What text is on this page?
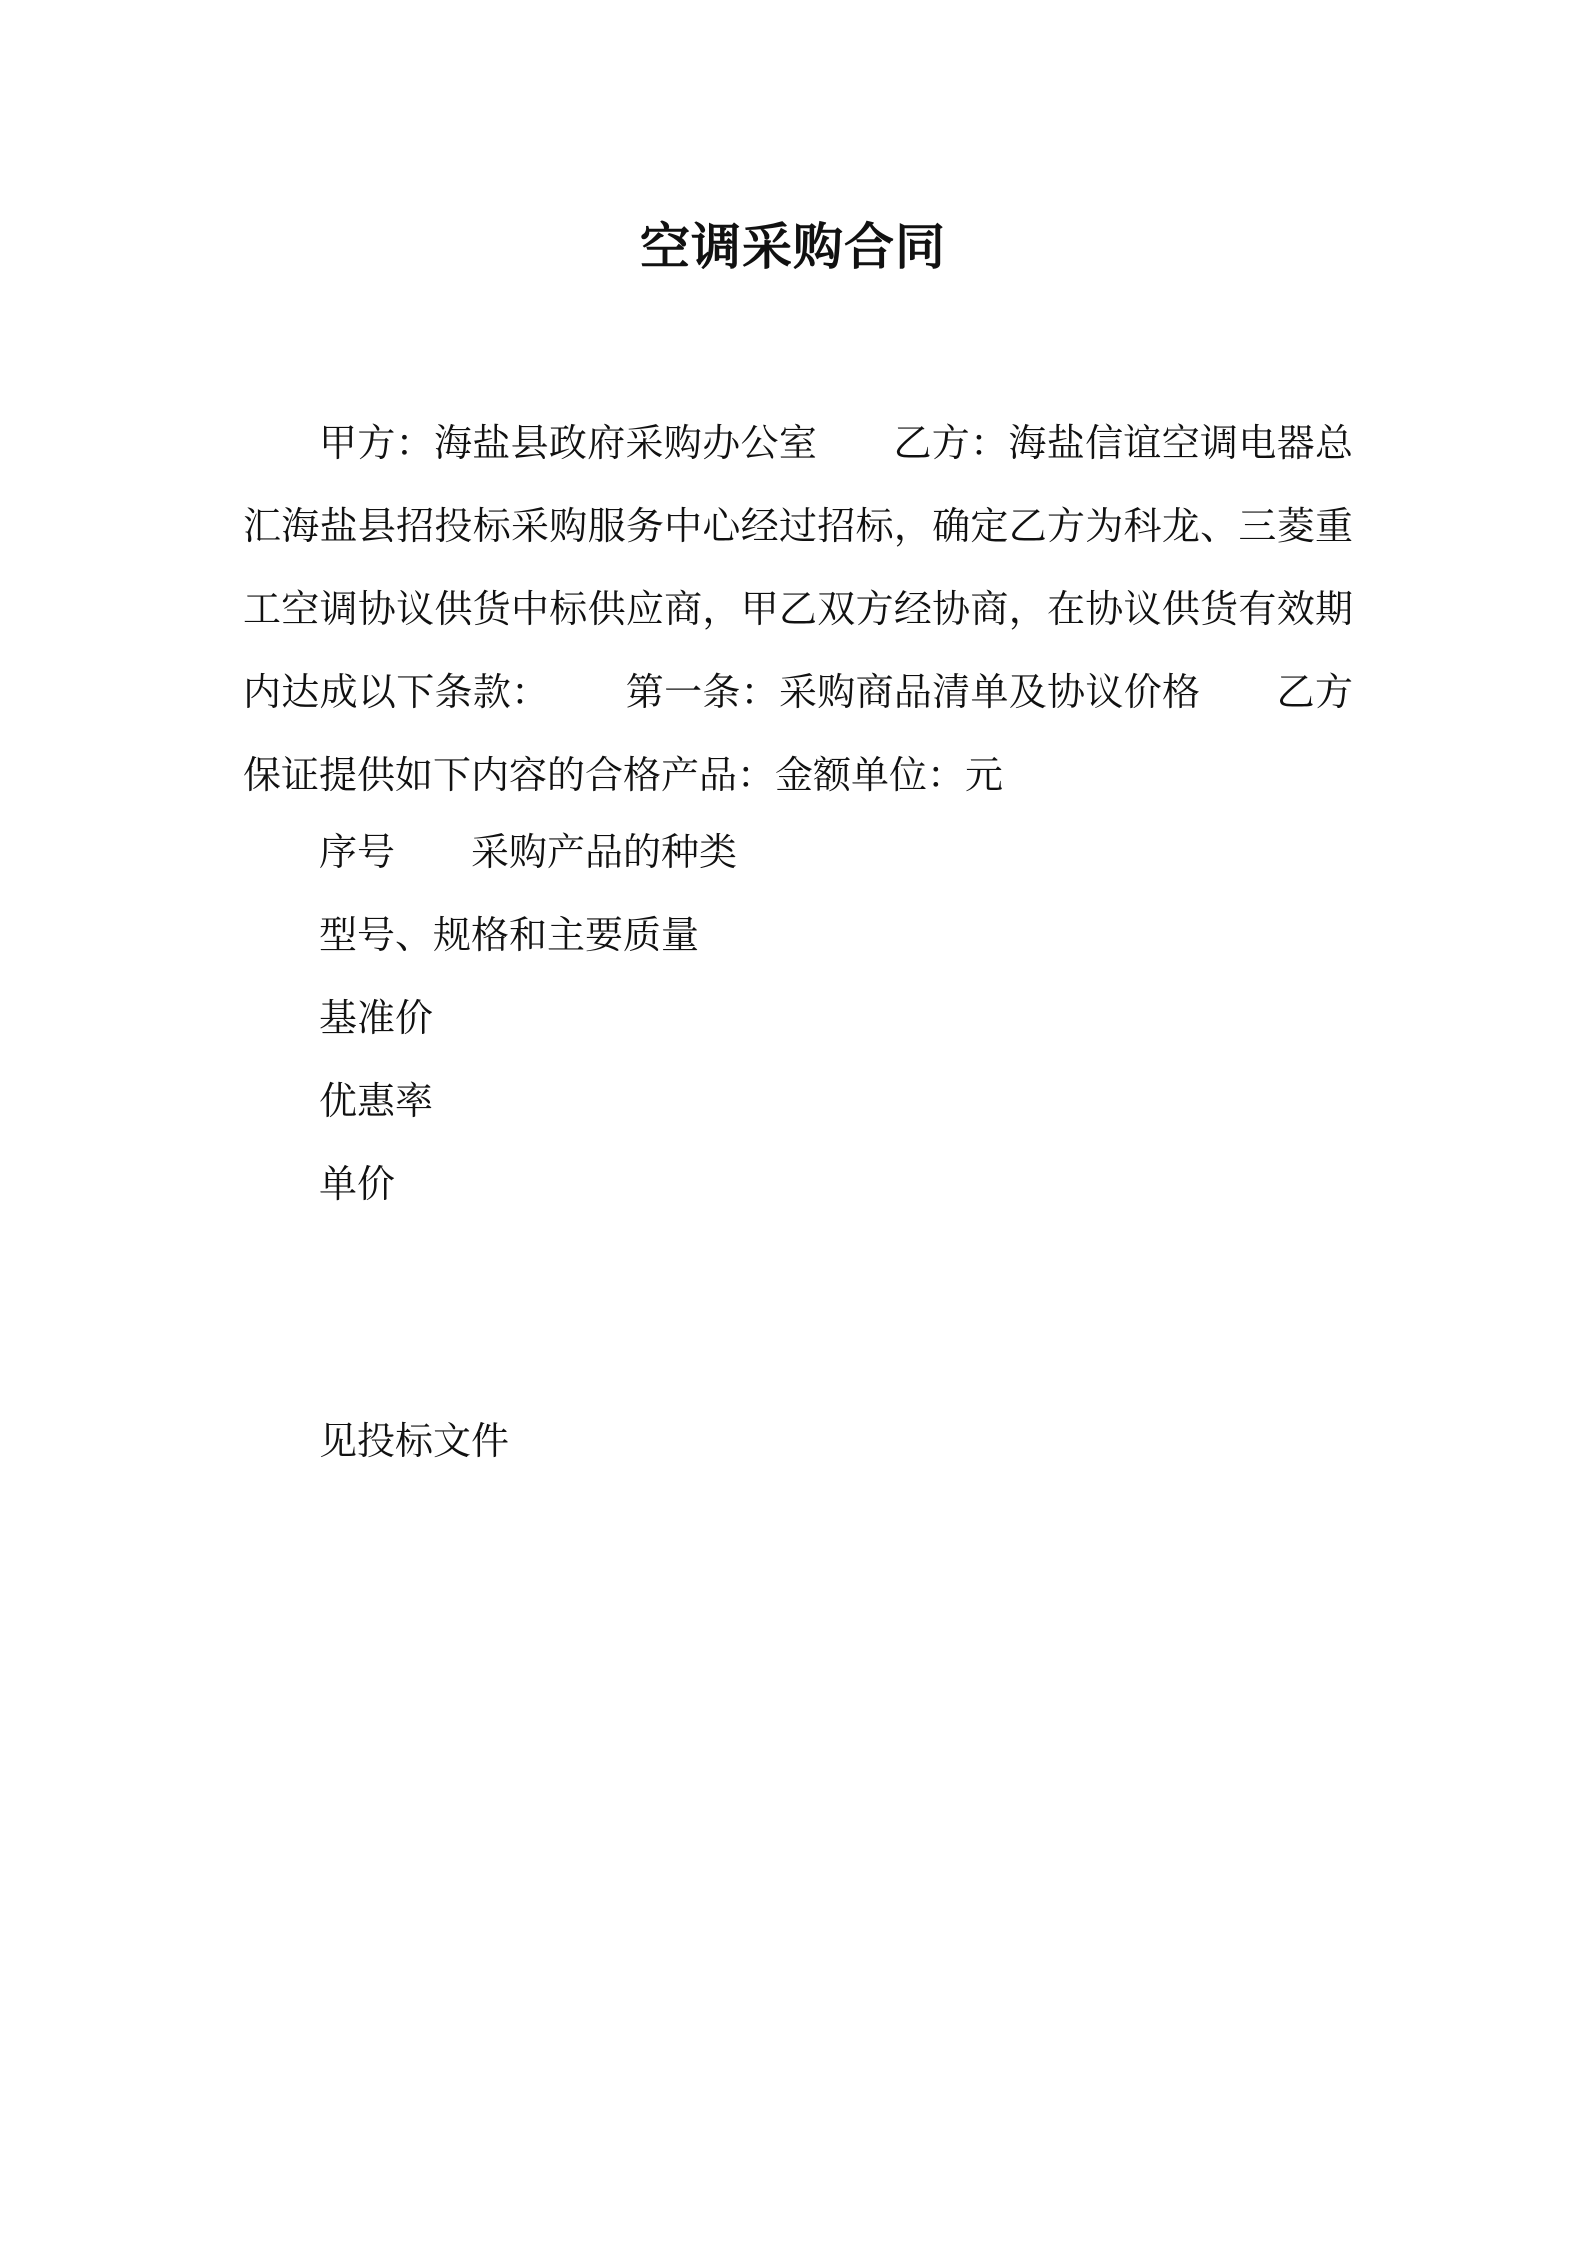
空调采购合同

甲方：海盐县政府采购办公室 乙方：海盐信谊空调电器总汇海盐县招投标采购服务中心经过招标，确定乙方为科龙、三菱重工空调协议供货中标供应商，甲乙双方经协商，在协议供货有效期内达成以下条款： 第一条：采购商品清单及协议价格 乙方保证提供如下内容的合格产品：金额单位：元

序号 采购产品的种类

型号、规格和主要质量

基准价

优惠率

单价

见投标文件
